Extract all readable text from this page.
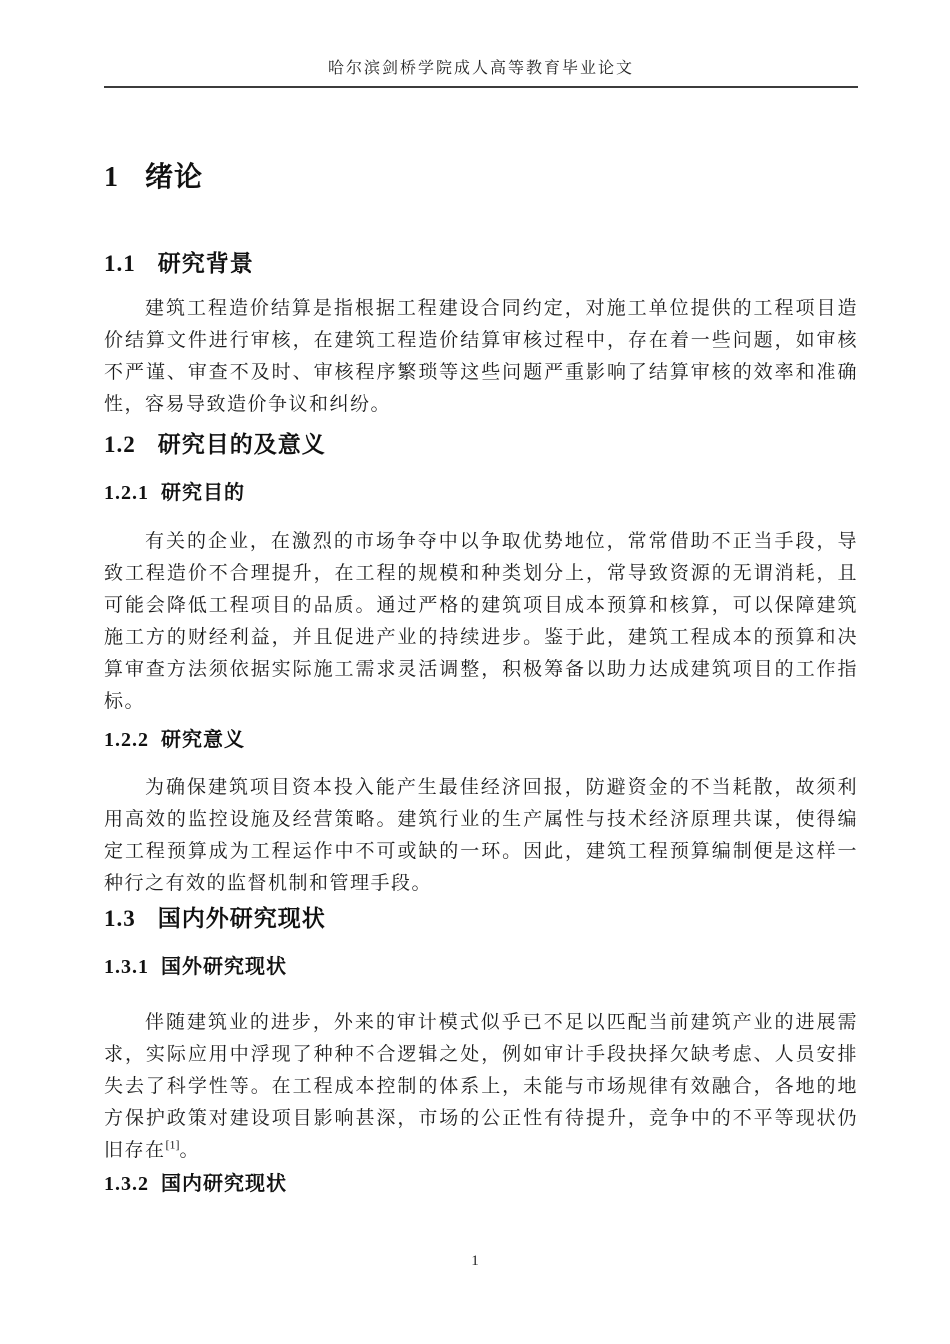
哈尔滨剑桥学院成人高等教育毕业论文
1 绪论
1.1 研究背景

建筑工程造价结算是指根据工程建设合同约定，对施工单位提供的工程项目造价结算文件进行审核，在建筑工程造价结算审核过程中，存在着一些问题，如审核不严谨、审查不及时、审核程序繁琐等这些问题严重影响了结算审核的效率和准确性，容易导致造价争议和纠纷。

1.2 研究目的及意义
1.2.1 研究目的

有关的企业，在激烈的市场争夺中以争取优势地位，常常借助不正当手段，导致工程造价不合理提升，在工程的规模和种类划分上，常导致资源的无谓消耗，且可能会降低工程项目的品质。通过严格的建筑项目成本预算和核算，可以保障建筑施工方的财经利益，并且促进产业的持续进步。鉴于此，建筑工程成本的预算和决算审查方法须依据实际施工需求灵活调整，积极筹备以助力达成建筑项目的工作指标。

1.2.2 研究意义

为确保建筑项目资本投入能产生最佳经济回报，防避资金的不当耗散，故须利用高效的监控设施及经营策略。建筑行业的生产属性与技术经济原理共谋，使得编定工程预算成为工程运作中不可或缺的一环。因此，建筑工程预算编制便是这样一种行之有效的监督机制和管理手段。

1.3 国内外研究现状
1.3.1 国外研究现状

伴随建筑业的进步，外来的审计模式似乎已不足以匹配当前建筑产业的进展需求，实际应用中浮现了种种不合逻辑之处，例如审计手段抉择欠缺考虑、人员安排失去了科学性等。在工程成本控制的体系上，未能与市场规律有效融合，各地的地方保护政策对建设项目影响甚深，市场的公正性有待提升，竞争中的不平等现状仍旧存在[1]。

1.3.2 国内研究现状
1
